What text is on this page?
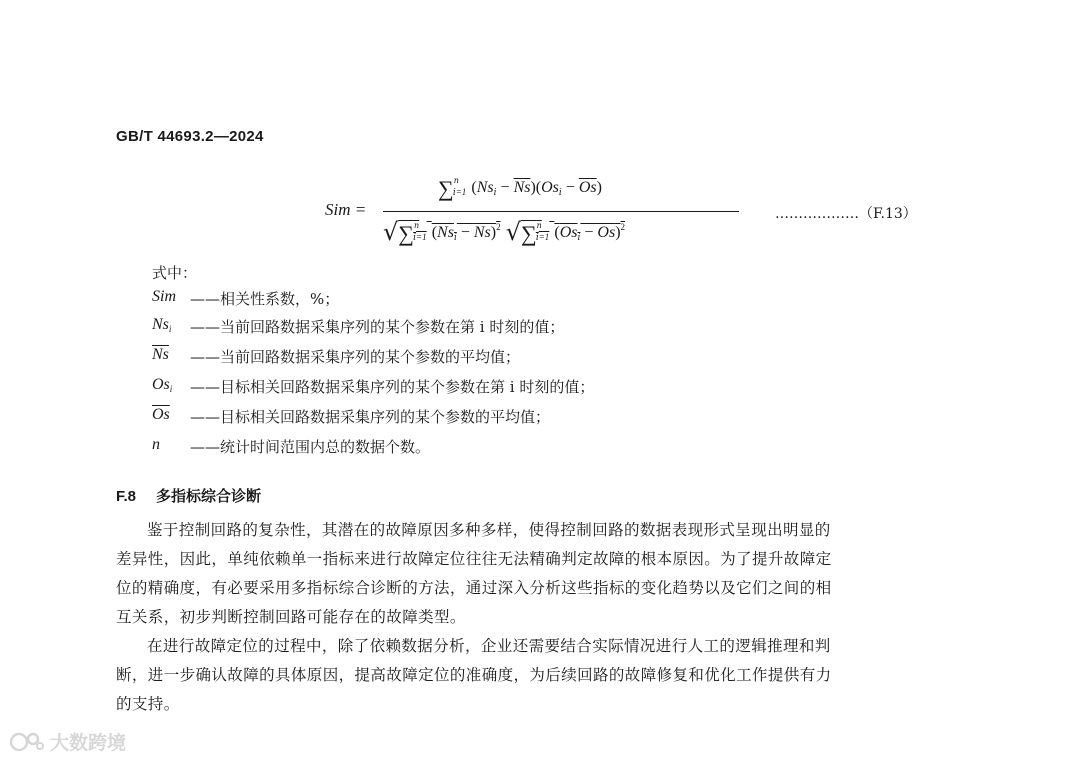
GB/T 44693.2—2024
Sim =
∑$^n_{i=1}$ $(Ns_i - \overline{Ns})(Os_i - \overline{Os})$
√∑$^n_{i=1}$ $(Ns_i - Ns)^2$ √∑$^n_{i=1}$ $(Os_i - Os)^2$
………………（F.13）
式中：
Sim ——相关性系数，%；
$Ns_i$ ——当前回路数据采集序列的某个参数在第 i 时刻的值；
$\overline{Ns}$ ——当前回路数据采集序列的某个参数的平均值；
$Os_i$ ——目标相关回路数据采集序列的某个参数在第 i 时刻的值；
$\overline{Os}$ ——目标相关回路数据采集序列的某个参数的平均值；
n ——统计时间范围内总的数据个数。
F.8 多指标综合诊断
鉴于控制回路的复杂性，其潜在的故障原因多种多样，使得控制回路的数据表现形式呈现出明显的
差异性，因此，单纯依赖单一指标来进行故障定位往往无法精确判定故障的根本原因。为了提升故障定
位的精确度，有必要采用多指标综合诊断的方法，通过深入分析这些指标的变化趋势以及它们之间的相
互关系，初步判断控制回路可能存在的故障类型。
在进行故障定位的过程中，除了依赖数据分析，企业还需要结合实际情况进行人工的逻辑推理和判
断，进一步确认故障的具体原因，提高故障定位的准确度，为后续回路的故障修复和优化工作提供有力
的支持。
大数跨境
